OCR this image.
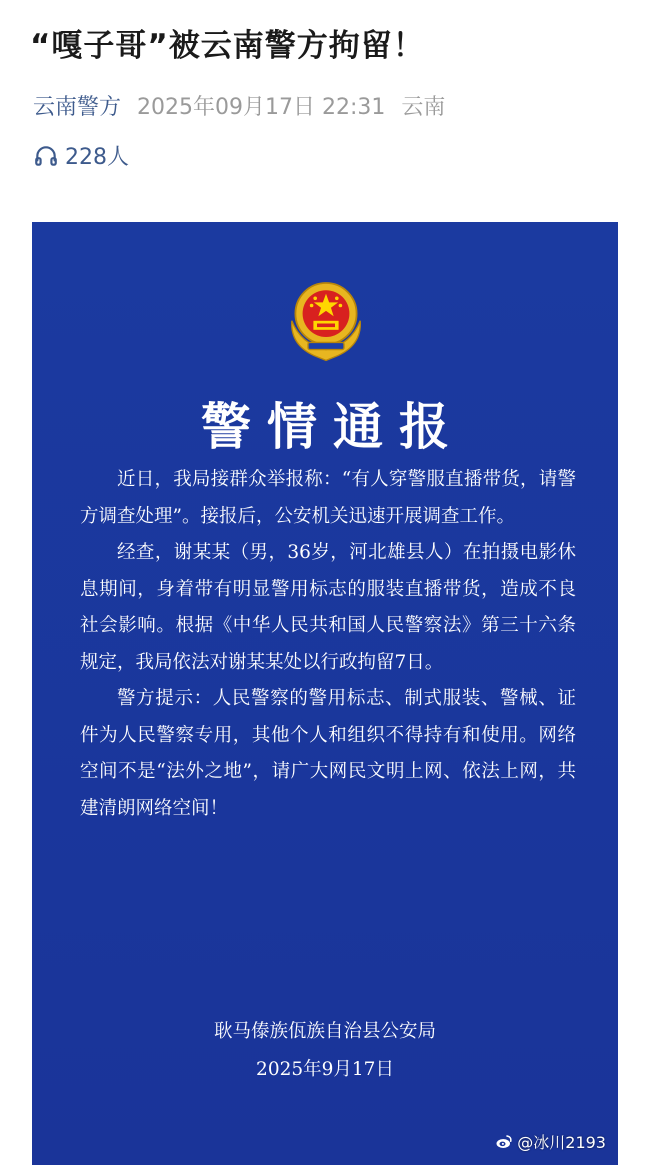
“嘎子哥”被云南警方拘留！
云南警方 2025年09月17日 22:31 云南
228人
警情通报

近日，我局接群众举报称：“有人穿警服直播带货，请警方调查处理”。接报后，公安机关迅速开展调查工作。

经查，谢某某（男，36岁，河北雄县人）在拍摄电影休息期间，身着带有明显警用标志的服装直播带货，造成不良社会影响。根据《中华人民共和国人民警察法》第三十六条规定，我局依法对谢某某处以行政拘留7日。

警方提示：人民警察的警用标志、制式服装、警械、证件为人民警察专用，其他个人和组织不得持有和使用。网络空间不是“法外之地”，请广大网民文明上网、依法上网，共建清朗网络空间！

耿马傣族佤族自治县公安局
2025年9月17日
@冰川2193
